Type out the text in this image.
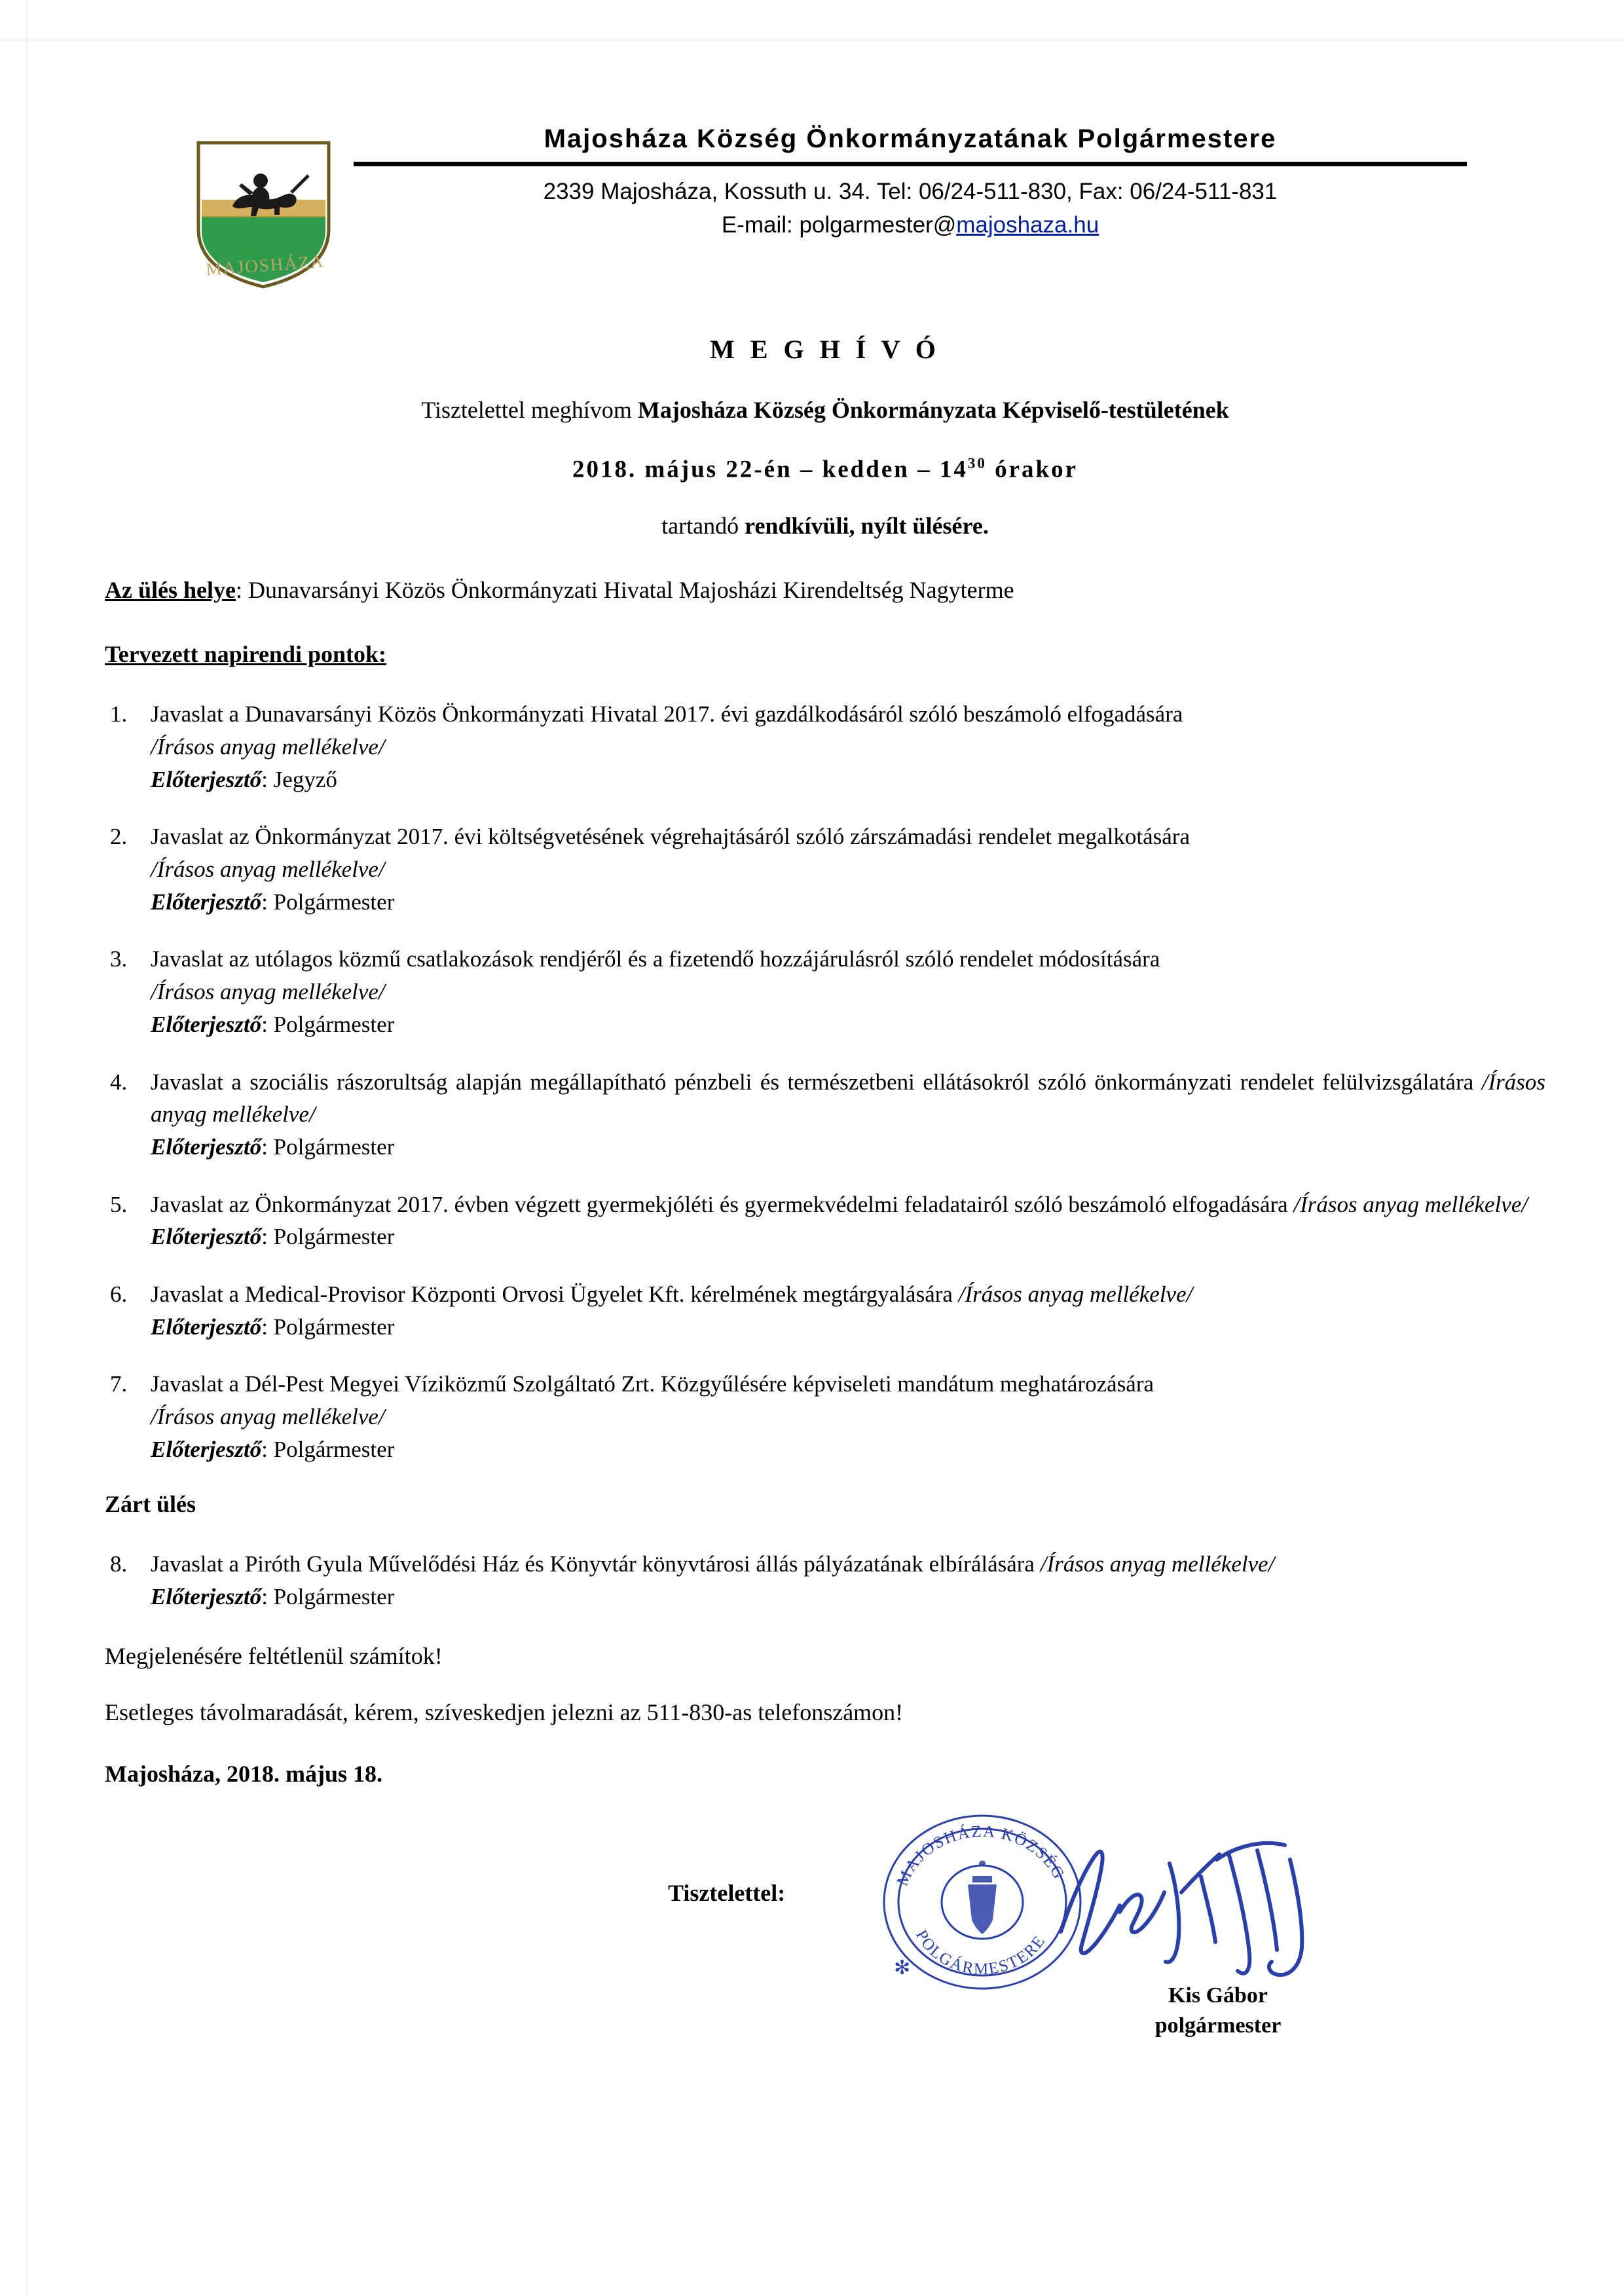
MAJOSHÁZA
Majosháza Község Önkormányzatának Polgármestere
2339 Majosháza, Kossuth u. 34. Tel: 06/24-511-830, Fax: 06/24-511-831
E-mail: polgarmester@majoshaza.hu
M E G H Í V Ó
Tisztelettel meghívom Majosháza Község Önkormányzata Képviselő-testületének
2018. május 22-én – kedden – $14^{30}$ órakor
tartandó rendkívüli, nyílt ülésére.
Az ülés helye: Dunavarsányi Közös Önkormányzati Hivatal Majosházi Kirendeltség Nagyterme
Tervezett napirendi pontok:
1.	Javaslat a Dunavarsányi Közös Önkormányzati Hivatal 2017. évi gazdálkodásáról szóló beszámoló elfogadására
/Írásos anyag mellékelve/
Előterjesztő: Jegyző
2.	Javaslat az Önkormányzat 2017. évi költségvetésének végrehajtásáról szóló zárszámadási rendelet megalkotására
/Írásos anyag mellékelve/
Előterjesztő: Polgármester
3.	Javaslat az utólagos közmű csatlakozások rendjéről és a fizetendő hozzájárulásról szóló rendelet módosítására
/Írásos anyag mellékelve/
Előterjesztő: Polgármester
4.	Javaslat a szociális rászorultság alapján megállapítható pénzbeli és természetbeni ellátásokról szóló önkormányzati rendelet felülvizsgálatára /Írásos anyag mellékelve/
Előterjesztő: Polgármester
5.	Javaslat az Önkormányzat 2017. évben végzett gyermekjóléti és gyermekvédelmi feladatairól szóló beszámoló elfogadására /Írásos anyag mellékelve/
Előterjesztő: Polgármester
6.	Javaslat a Medical-Provisor Központi Orvosi Ügyelet Kft. kérelmének megtárgyalására /Írásos anyag mellékelve/
Előterjesztő: Polgármester
7.	Javaslat a Dél-Pest Megyei Víziközmű Szolgáltató Zrt. Közgyűlésére képviseleti mandátum meghatározására
/Írásos anyag mellékelve/
Előterjesztő: Polgármester
Zárt ülés
8.	Javaslat a Piróth Gyula Művelődési Ház és Könyvtár könyvtárosi állás pályázatának elbírálására /Írásos anyag mellékelve/
Előterjesztő: Polgármester
Megjelenésére feltétlenül számítok!
Esetleges távolmaradását, kérem, szíveskedjen jelezni az 511-830-as telefonszámon!
Majosháza, 2018. május 18.
Tisztelettel:
MAJOSHÁZA KÖZSÉG
POLGÁRMESTERE
✻
Kis Gábor
polgármester
